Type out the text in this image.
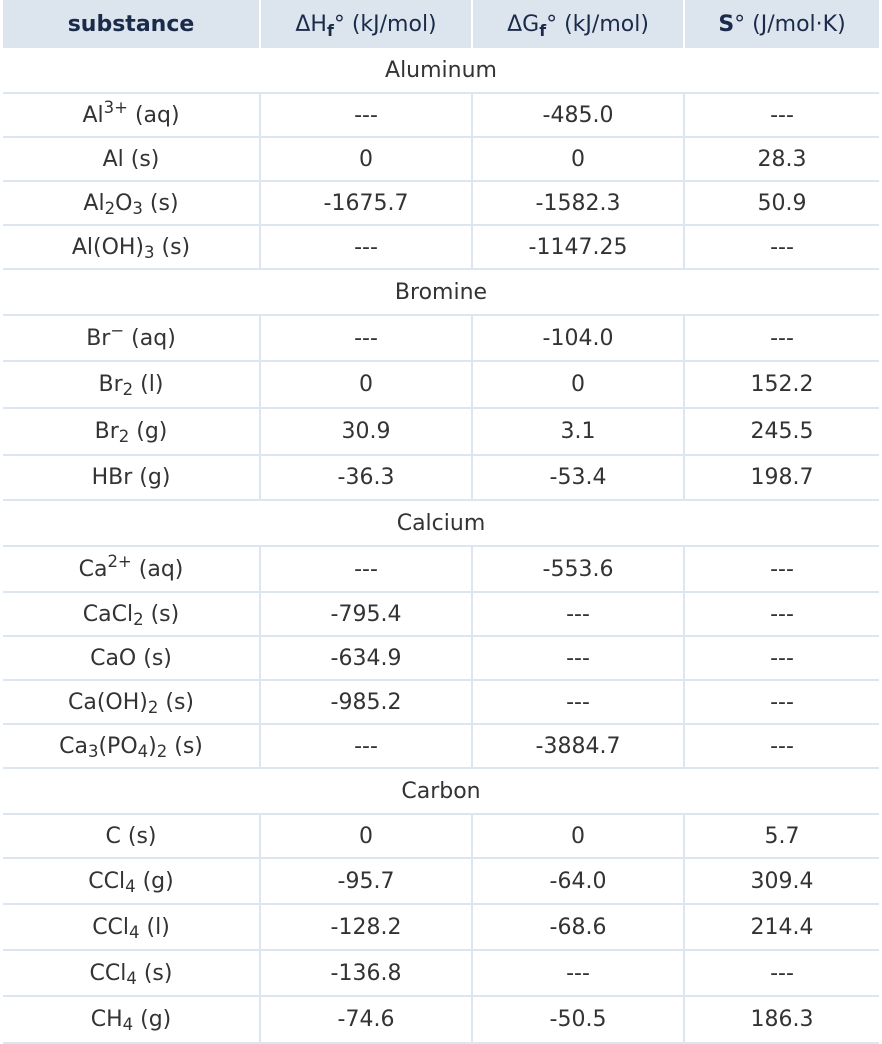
substance	$\Delta H_f^\circ$ (kJ/mol)	$\Delta G_f^\circ$ (kJ/mol)	S° (J/mol·K)
Aluminum			
$Al^{3+}$ (aq)	---	-485.0	---
Al (s)	0	0	28.3
$Al_2O_3$ (s)	-1675.7	-1582.3	50.9
$Al(OH)_3$ (s)	---	-1147.25	---
Bromine			
Br− (aq)	---	-104.0	---
$Br_2$ (l)	0	0	152.2
$Br_2$ (g)	30.9	3.1	245.5
HBr (g)	-36.3	-53.4	198.7
Calcium			
$Ca^{2+}$ (aq)	---	-553.6	---
CaCl$_2$ (s)	-795.4	---	---
CaO (s)	-634.9	---	---
$Ca(OH)_2$ (s)	-985.2	---	---
$Ca_3(PO_4)_2$ (s)	---	-3884.7	---
Carbon			
C (s)	0	0	5.7
CCl$_4$ (g)	-95.7	-64.0	309.4
CCl$_4$ (l)	-128.2	-68.6	214.4
CCl$_4$ (s)	-136.8	---	---
$CH_4$ (g)	-74.6	-50.5	186.3
